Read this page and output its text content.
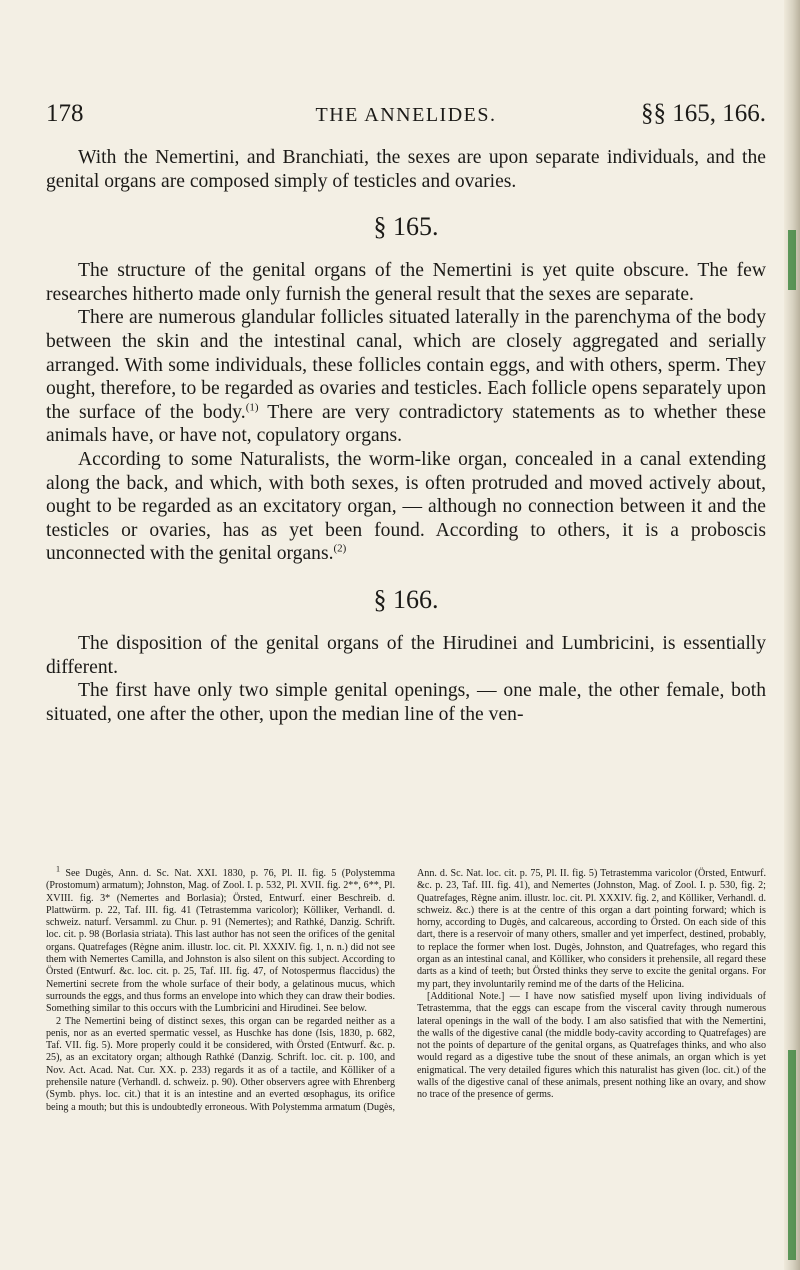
178	THE ANNELIDES.	§§ 165, 166.

With the Nemertini, and Branchiati, the sexes are upon separate individuals, and the genital organs are composed simply of testicles and ovaries.

§ 165.

The structure of the genital organs of the Nemertini is yet quite obscure. The few researches hitherto made only furnish the general result that the sexes are separate.

There are numerous glandular follicles situated laterally in the parenchyma of the body between the skin and the intestinal canal, which are closely aggregated and serially arranged. With some individuals, these follicles contain eggs, and with others, sperm. They ought, therefore, to be regarded as ovaries and testicles. Each follicle opens separately upon the surface of the body.$^{(1)}$ There are very contradictory statements as to whether these animals have, or have not, copulatory organs.

According to some Naturalists, the worm-like organ, concealed in a canal extending along the back, and which, with both sexes, is often protruded and moved actively about, ought to be regarded as an excitatory organ, — although no connection between it and the testicles or ovaries, has as yet been found. According to others, it is a proboscis unconnected with the genital organs.$^{(2)}$

§ 166.

The disposition of the genital organs of the Hirudinei and Lumbricini, is essentially different.

The first have only two simple genital openings, — one male, the other female, both situated, one after the other, upon the median line of the ven-

$^1$ See Dugès, Ann. d. Sc. Nat. XXI. 1830, p. 76, Pl. II. fig. 5 (Polystemma (Prostomum) armatum); Johnston, Mag. of Zool. I. p. 532, Pl. XVII. fig. 2**, 6**, Pl. XVIII. fig. 3* (Nemertes and Borlasia); Örsted, Entwurf. einer Beschreib. d. Plattwürm. p. 22, Taf. III. fig. 41 (Tetrastemma varicolor); Kölliker, Verhandl. d. schweiz. naturf. Versamml. zu Chur. p. 91 (Nemertes); and Rathké, Danzig. Schrift. loc. cit. p. 98 (Borlasia striata). This last author has not seen the orifices of the genital organs. Quatrefages (Règne anim. illustr. loc. cit. Pl. XXXIV. fig. 1, n. n.) did not see them with Nemertes Camilla, and Johnston is also silent on this subject. According to Örsted (Entwurf. &c. loc. cit. p. 25, Taf. III. fig. 47, of Notospermus flaccidus) the Nemertini secrete from the whole surface of their body, a gelatinous mucus, which surrounds the eggs, and thus forms an envelope into which they can draw their bodies. Something similar to this occurs with the Lumbricini and Hirudinei. See below.

2 The Nemertini being of distinct sexes, this organ can be regarded neither as a penis, nor as an everted spermatic vessel, as Huschke has done (Isis, 1830, p. 682, Taf. VII. fig. 5). More properly could it be considered, with Örsted (Entwurf. &c. p. 25), as an excitatory organ; although Rathké (Danzig. Schrift. loc. cit. p. 100, and Nov. Act. Acad. Nat. Cur. XX. p. 233) regards it as of a tactile, and Kölliker of a prehensile nature (Verhandl. d. schweiz. p. 90). Other observers agree with Ehrenberg (Symb. phys. loc. cit.) that it is an intestine and an everted œsophagus, its orifice being a mouth; but this is undoubtedly erroneous. With Polystemma armatum (Dugès, Ann. d. Sc. Nat. loc. cit. p. 75, Pl. II. fig. 5) Tetrastemma varicolor (Örsted, Entwurf. &c. p. 23, Taf. III. fig. 41), and Nemertes (Johnston, Mag. of Zool. I. p. 530, fig. 2; Quatrefages, Règne anim. illustr. loc. cit. Pl. XXXIV. fig. 2, and Kölliker, Verhandl. d. schweiz. &c.) there is at the centre of this organ a dart pointing forward; which is horny, according to Dugès, and calcareous, according to Örsted. On each side of this dart, there is a reservoir of many others, smaller and yet imperfect, destined, probably, to replace the former when lost. Dugès, Johnston, and Quatrefages, who regard this organ as an intestinal canal, and Kölliker, who considers it prehensile, all regard these darts as a kind of teeth; but Örsted thinks they serve to excite the genital organs. For my part, they involuntarily remind me of the darts of the Helicina.

[Additional Note.] — I have now satisfied myself upon living individuals of Tetrastemma, that the eggs can escape from the visceral cavity through numerous lateral openings in the wall of the body. I am also satisfied that with the Nemertini, the walls of the digestive canal (the middle body-cavity according to Quatrefages) are not the points of departure of the genital organs, as Quatrefages thinks, and who also would regard as a digestive tube the snout of these animals, an organ which is yet enigmatical. The very detailed figures which this naturalist has given (loc. cit.) of the walls of the digestive canal of these animals, present nothing like an ovary, and show no trace of the presence of germs.
